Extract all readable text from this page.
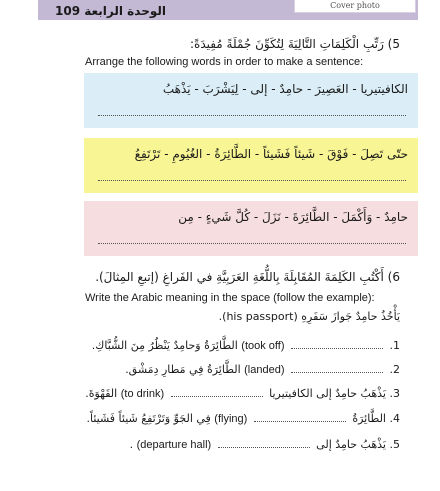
الوحدة الرابعة 109	Cover photo
5) رَتِّبِ الْكَلِمَاتِ التَّالِيَةَ لِتُكَوِّنَ جُمْلَةً مُفِيدَةً:
Arrange the following words in order to make a sentence:
الكافيتيريا - العَصِيرَ - حامِدٌ - إلى - لِيَشْرَبَ - يَذْهَبُ
حتّى تَصِلَ - فَوْقَ - شَيئاً فَشَيئاً - الطَّائِرَةُ - الغُيُومِ - تَرْتَفِعُ
حامِدٌ - وَأَكْمَلَ - الطَّائِرَةَ - نَزَلَ - كُلَّ شَيءٍ - مِن
6) أَكْتُبِ الكَلِمَةَ المُقَابِلَةَ بِاللُّغَةِ العَرَبِيَّةِ في الفَراغِ (إتبعِ المِثالَ).
Write the Arabic meaning in the space (follow the example):
يَأْخُذُ حامِدٌ جَوازَ سَفَرِهِ (his passport).
1.  (took off) الطَّائِرَةُ وَحامِدٌ يَنْظُرُ مِنَ الشُّبَّاكِ.
2.  (landed) الطَّائِرَةُ فِي مَطارِ دِمَشْق.
3. يَذْهَبُ حامِدٌ إلى الكافيتيريا  (to drink) القَهْوَةَ.
4. الطَّائِرَةُ  (flying) فِي الجَوِّ وَتَرْتَفِعُ شَيئاً فَشَيئاً.
5. يَذْهَبُ حامِدٌ إلى  (departure hall) .
